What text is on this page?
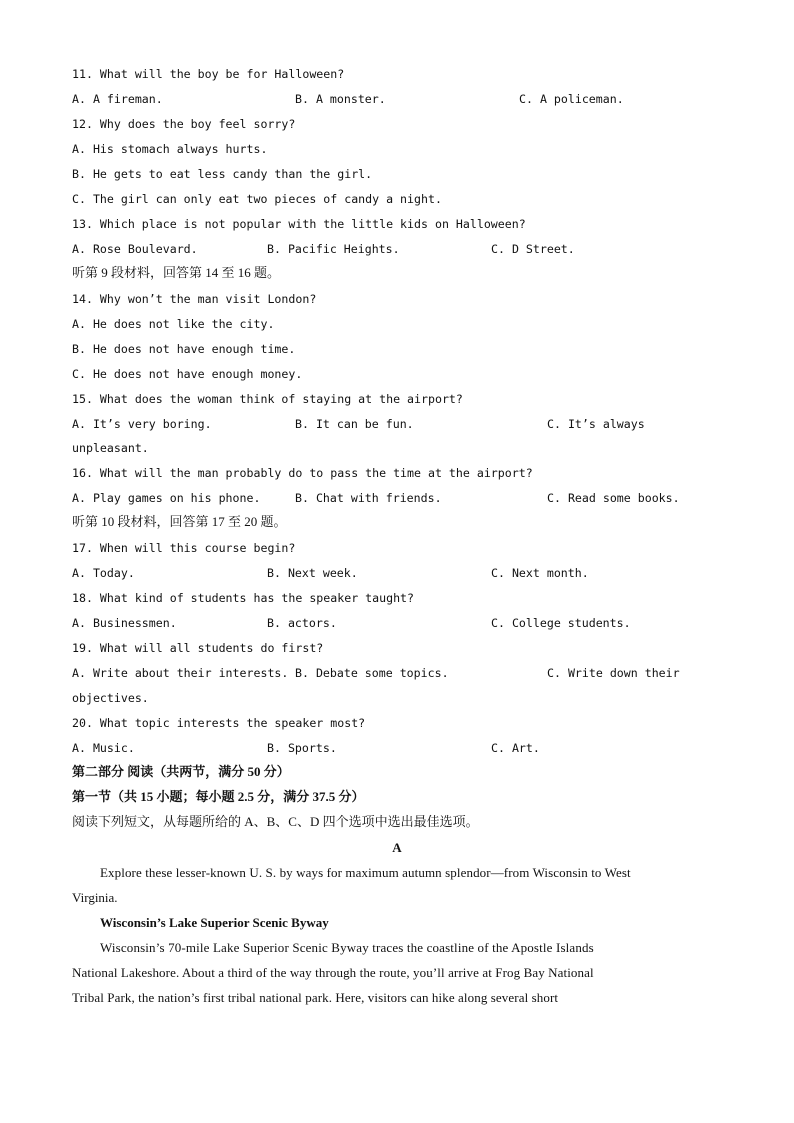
11. What will the boy be for Halloween?
A. A fireman.	B. A monster.	C. A policeman.
12. Why does the boy feel sorry?
A. His stomach always hurts.
B. He gets to eat less candy than the girl.
C. The girl can only eat two pieces of candy a night.
13. Which place is not popular with the little kids on Halloween?
A. Rose Boulevard.	B. Pacific Heights.	C. D Street.
听第 9 段材料，回答第 14 至 16 题。
14. Why won’t the man visit London?
A. He does not like the city.
B. He does not have enough time.
C. He does not have enough money.
15. What does the woman think of staying at the airport?
A. It’s very boring.	B. It can be fun.	C. It’s always
unpleasant.
16. What will the man probably do to pass the time at the airport?
A. Play games on his phone.	B. Chat with friends.	C. Read some books.
听第 10 段材料，回答第 17 至 20 题。
17. When will this course begin?
A. Today.	B. Next week.	C. Next month.
18. What kind of students has the speaker taught?
A. Businessmen.	B. actors.	C. College students.
19. What will all students do first?
A. Write about their interests. B. Debate some topics.	C. Write down their
objectives.
20. What topic interests the speaker most?
A. Music.	B. Sports.	C. Art.
第二部分 阅读（共两节，满分 50 分）
第一节（共 15 小题；每小题 2.5 分，满分 37.5 分）
阅读下列短文，从每题所给的 A、B、C、D 四个选项中选出最佳选项。
A
Explore these lesser-known U. S. by ways for maximum autumn splendor—from Wisconsin to West
Virginia.
Wisconsin’s Lake Superior Scenic Byway
Wisconsin’s 70-mile Lake Superior Scenic Byway traces the coastline of the Apostle Islands
National Lakeshore. About a third of the way through the route, you’ll arrive at Frog Bay National
Tribal Park, the nation’s first tribal national park. Here, visitors can hike along several short
